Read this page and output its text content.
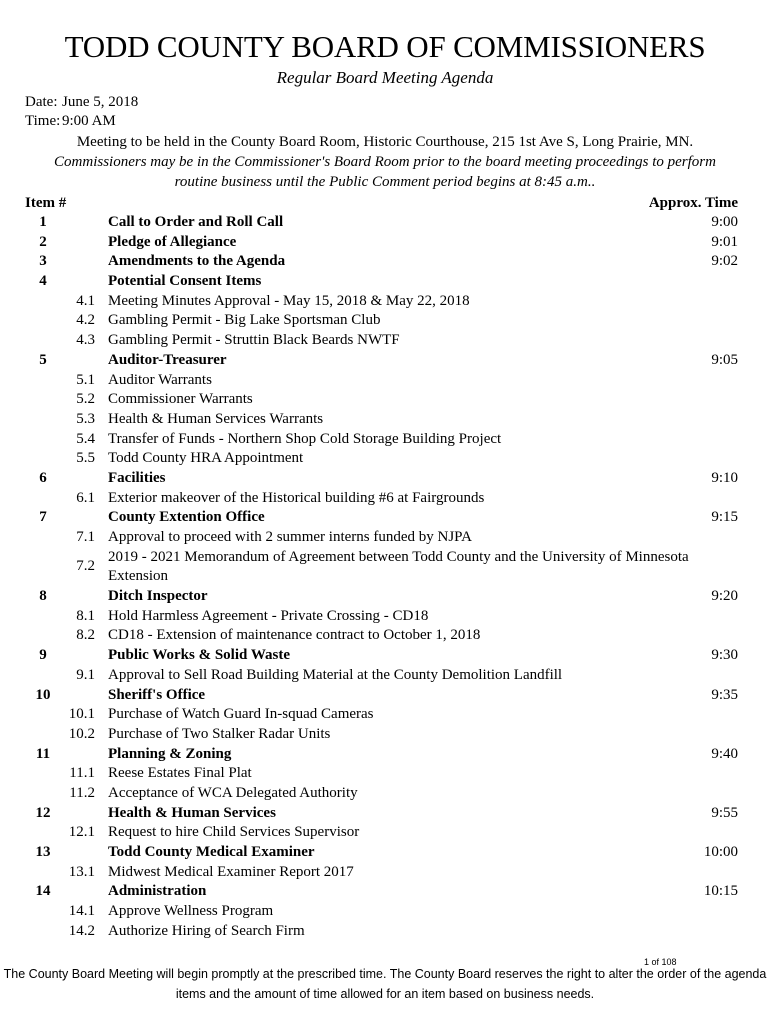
TODD COUNTY BOARD OF COMMISSIONERS
Regular Board Meeting Agenda
Date: June 5, 2018
Time: 9:00 AM
Meeting to be held in the County Board Room, Historic Courthouse, 215 1st Ave S, Long Prairie, MN.
Commissioners may be in the Commissioner's Board Room prior to the board meeting proceedings to perform routine business until the Public Comment period begins at 8:45 a.m..
Item #	Approx. Time
1	Call to Order and Roll Call	9:00
2	Pledge of Allegiance	9:01
3	Amendments to the Agenda	9:02
4	Potential Consent Items
4.1 Meeting Minutes Approval - May 15, 2018 & May 22, 2018
4.2 Gambling Permit - Big Lake Sportsman Club
4.3 Gambling Permit - Struttin Black Beards NWTF
5	Auditor-Treasurer	9:05
5.1 Auditor Warrants
5.2 Commissioner Warrants
5.3 Health & Human Services Warrants
5.4 Transfer of Funds - Northern Shop Cold Storage Building Project
5.5 Todd County HRA Appointment
6	Facilities	9:10
6.1 Exterior makeover of the Historical building #6 at Fairgrounds
7	County Extention Office	9:15
7.1 Approval to proceed with 2 summer interns funded by NJPA
7.2
2019 - 2021 Memorandum of Agreement between Todd County and the University of Minnesota Extension
8	Ditch Inspector	9:20
8.1 Hold Harmless Agreement - Private Crossing - CD18
8.2 CD18 - Extension of maintenance contract to October 1, 2018
9	Public Works & Solid Waste	9:30
9.1 Approval to Sell Road Building Material at the County Demolition Landfill
10	Sheriff's Office	9:35
10.1 Purchase of Watch Guard In-squad Cameras
10.2 Purchase of Two Stalker Radar Units
11	Planning & Zoning	9:40
11.1 Reese Estates Final Plat
11.2 Acceptance of WCA Delegated Authority
12	Health & Human Services	9:55
12.1 Request to hire Child Services Supervisor
13	Todd County Medical Examiner	10:00
13.1 Midwest Medical Examiner Report 2017
14	Administration	10:15
14.1 Approve Wellness Program
14.2 Authorize Hiring of Search Firm
1 of 108
The County Board Meeting will begin promptly at the prescribed time. The County Board reserves the right to alter the order of the agenda items and the amount of time allowed for an item based on business needs.
